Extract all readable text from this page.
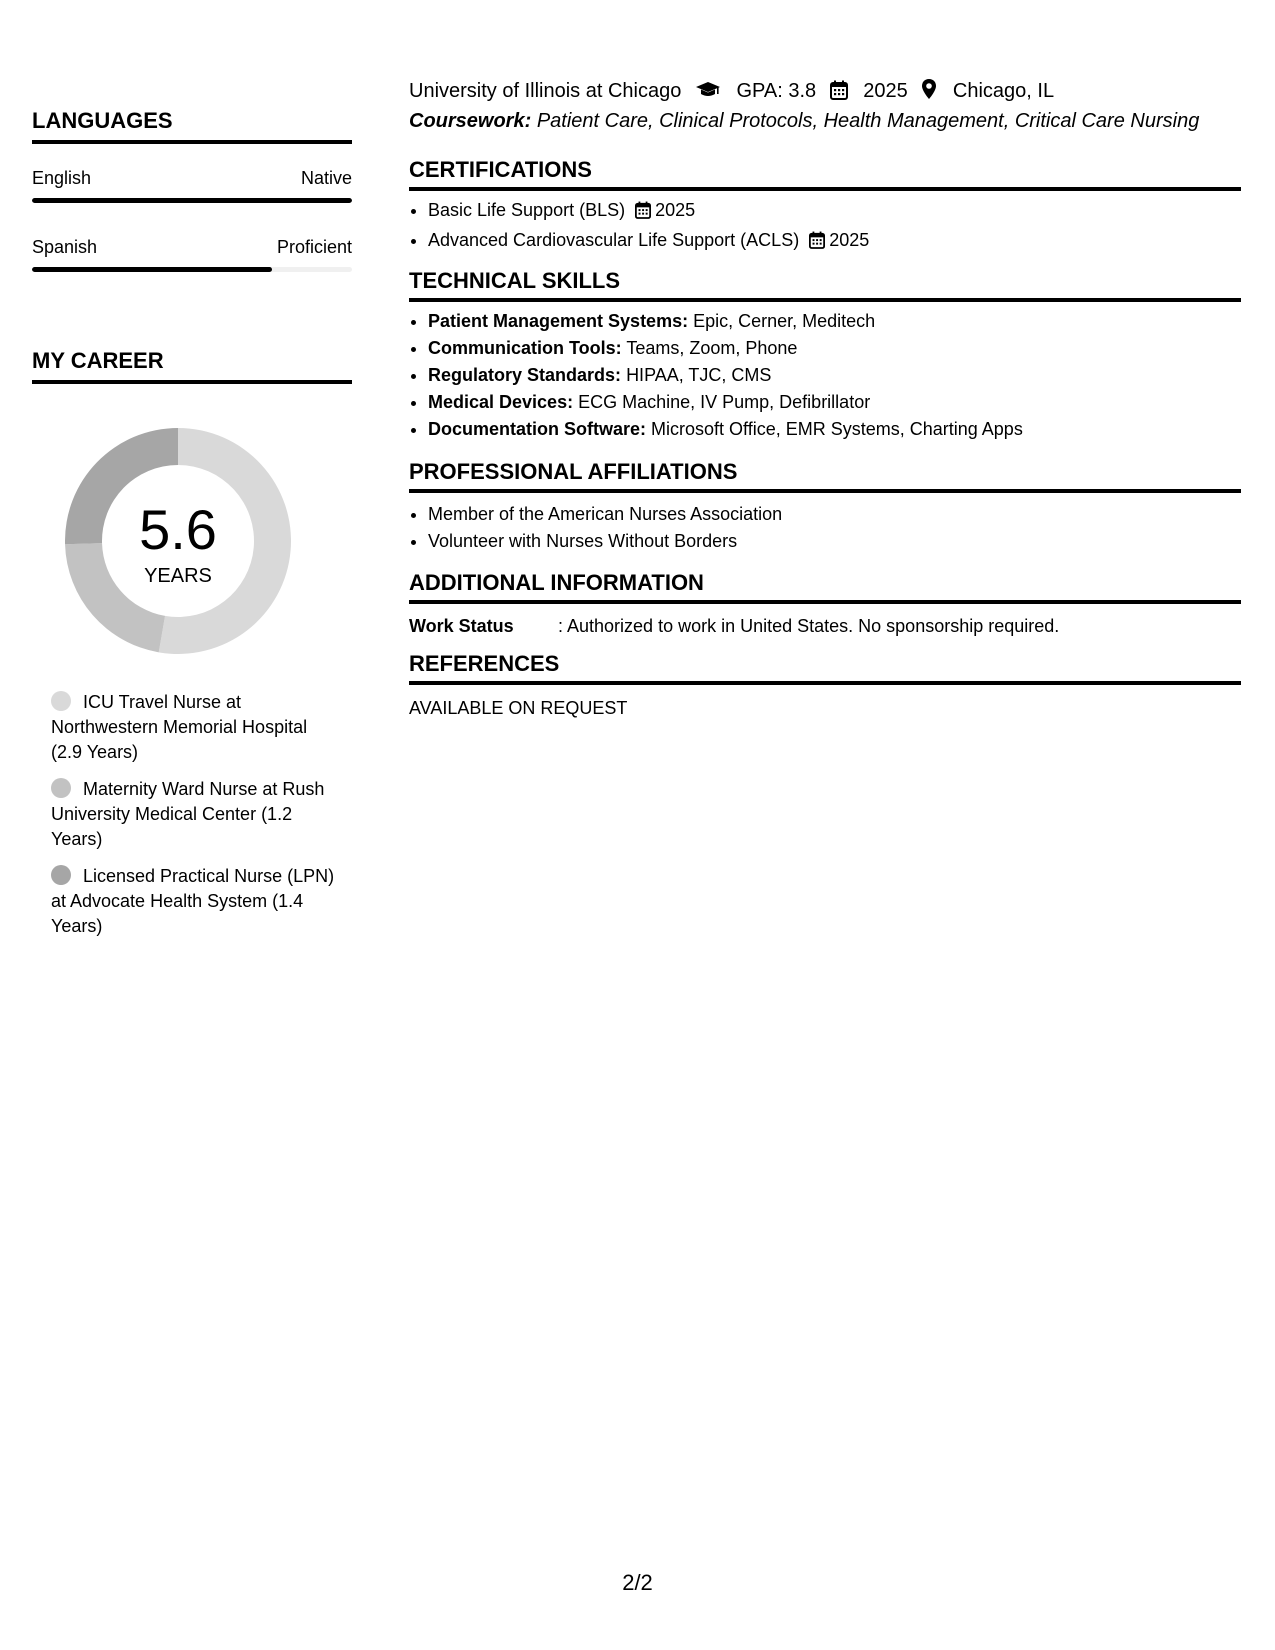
LANGUAGES
English	Native
Spanish	Proficient
MY CAREER
5.6
YEARS
ICU Travel Nurse at Northwestern Memorial Hospital (2.9 Years)
Maternity Ward Nurse at Rush University Medical Center (1.2 Years)
Licensed Practical Nurse (LPN) at Advocate Health System (1.4 Years)
University of Illinois at Chicago	GPA: 3.8 2025 Chicago, IL
Coursework: Patient Care, Clinical Protocols, Health Management, Critical Care Nursing
CERTIFICATIONS
• Basic Life Support (BLS) 2025
• Advanced Cardiovascular Life Support (ACLS) 2025
TECHNICAL SKILLS
• Patient Management Systems: Epic, Cerner, Meditech
• Communication Tools: Teams, Zoom, Phone
• Regulatory Standards: HIPAA, TJC, CMS
• Medical Devices: ECG Machine, IV Pump, Defibrillator
• Documentation Software: Microsoft Office, EMR Systems, Charting Apps
PROFESSIONAL AFFILIATIONS
• Member of the American Nurses Association
• Volunteer with Nurses Without Borders
ADDITIONAL INFORMATION
Work Status : Authorized to work in United States. No sponsorship required.
REFERENCES
AVAILABLE ON REQUEST
2/2
